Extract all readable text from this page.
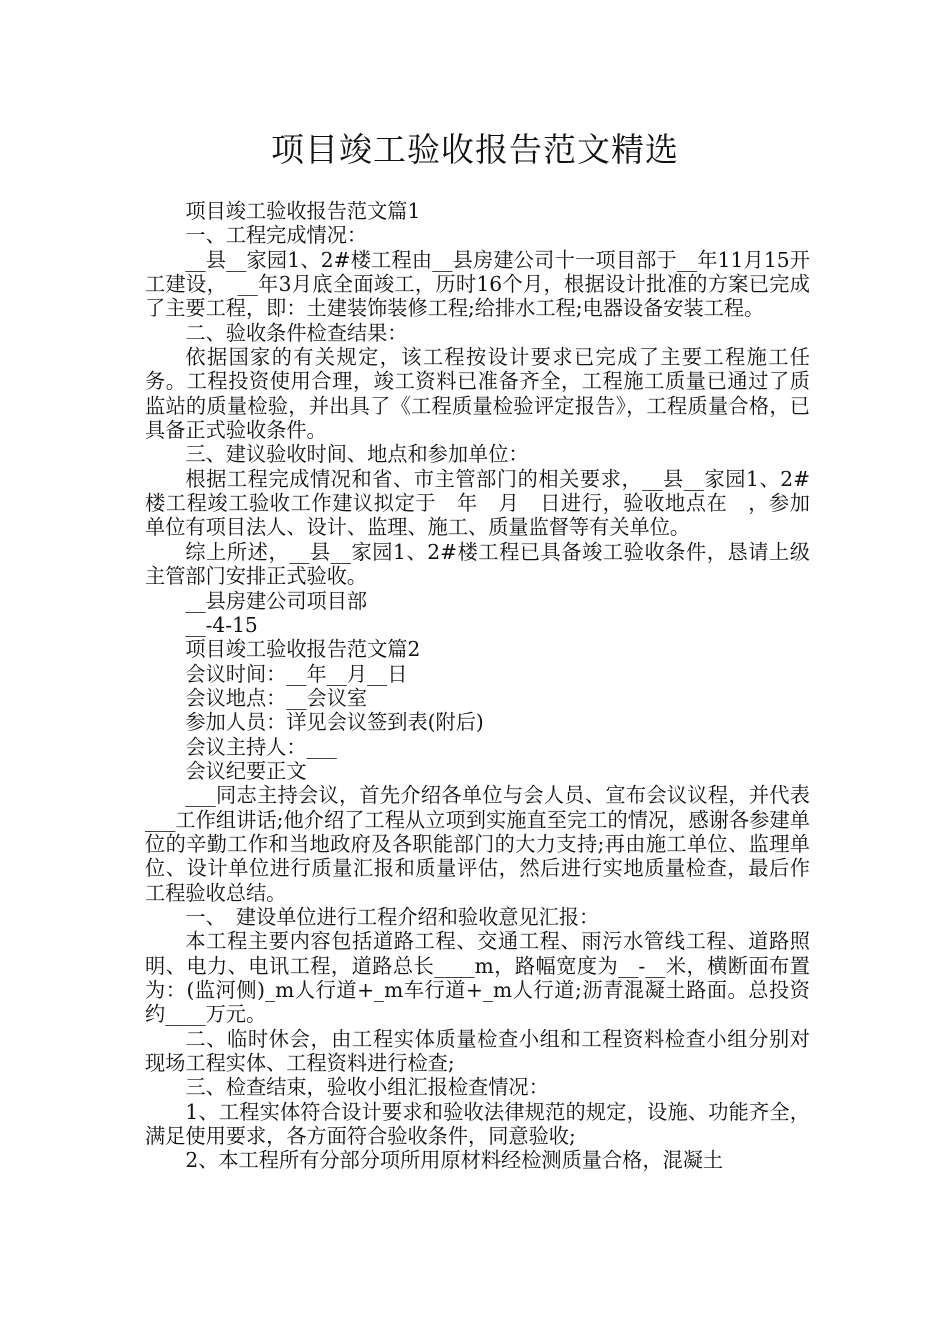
项目竣工验收报告范文精选

项目竣工验收报告范文篇1

一、工程完成情况：

__县__家园1、2#楼工程由__县房建公司十一项目部于__年11月15开工建设，　__年3月底全面竣工，历时16个月，根据设计批准的方案已完成了主要工程，即：土建装饰装修工程;给排水工程;电器设备安装工程。

二、验收条件检查结果：

依据国家的有关规定，该工程按设计要求已完成了主要工程施工任务。工程投资使用合理，竣工资料已准备齐全，工程施工质量已通过了质监站的质量检验，并出具了《工程质量检验评定报告》，工程质量合格，已具备正式验收条件。

三、建议验收时间、地点和参加单位：

根据工程完成情况和省、市主管部门的相关要求，__县__家园1、2#楼工程竣工验收工作建议拟定于　年　月　日进行，验收地点在　，参加单位有项目法人、设计、监理、施工、质量监督等有关单位。

综上所述，__县__家园1、2#楼工程已具备竣工验收条件，恳请上级主管部门安排正式验收。

__县房建公司项目部

__-4-15

项目竣工验收报告范文篇2

会议时间：__年__月__日

会议地点：__会议室

参加人员：详见会议签到表(附后)

会议主持人：___

会议纪要正文

___同志主持会议，首先介绍各单位与会人员、宣布会议议程，并代表___工作组讲话;他介绍了工程从立项到实施直至完工的情况，感谢各参建单位的辛勤工作和当地政府及各职能部门的大力支持;再由施工单位、监理单位、设计单位进行质量汇报和质量评估，然后进行实地质量检查，最后作工程验收总结。

一、　建设单位进行工程介绍和验收意见汇报：

本工程主要内容包括道路工程、交通工程、雨污水管线工程、道路照明、电力、电讯工程，道路总长____m，路幅宽度为__-__米，横断面布置为：(监河侧)_m人行道+_m车行道+_m人行道;沥青混凝土路面。总投资约____万元。

二、临时休会，由工程实体质量检查小组和工程资料检查小组分别对现场工程实体、工程资料进行检查;

三、检查结束，验收小组汇报检查情况：

1、工程实体符合设计要求和验收法律规范的规定，设施、功能齐全，满足使用要求，各方面符合验收条件，同意验收;

2、本工程所有分部分项所用原材料经检测质量合格，混凝土
